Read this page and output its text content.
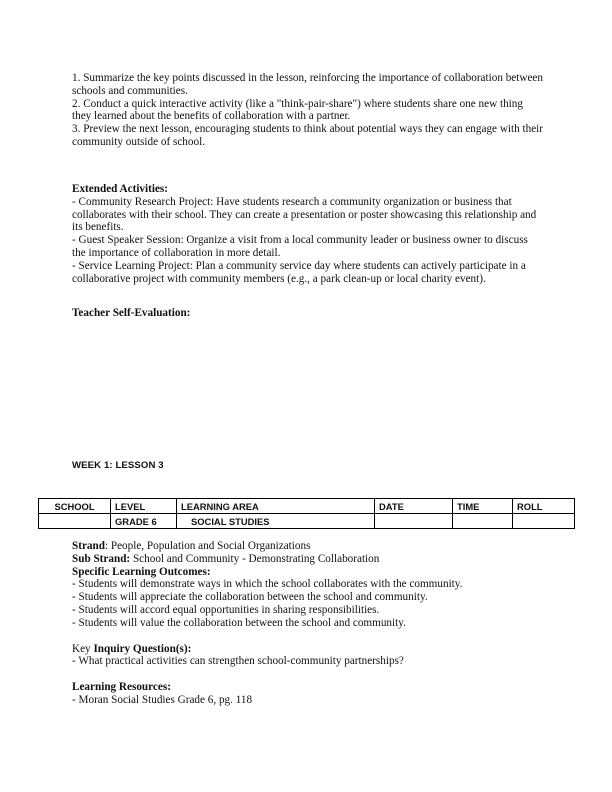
1. Summarize the key points discussed in the lesson, reinforcing the importance of collaboration between schools and communities.

2. Conduct a quick interactive activity (like a "think-pair-share") where students share one new thing they learned about the benefits of collaboration with a partner.

3. Preview the next lesson, encouraging students to think about potential ways they can engage with their community outside of school.

Extended Activities:

- Community Research Project: Have students research a community organization or business that collaborates with their school. They can create a presentation or poster showcasing this relationship and its benefits.

- Guest Speaker Session: Organize a visit from a local community leader or business owner to discuss the importance of collaboration in more detail.

- Service Learning Project: Plan a community service day where students can actively participate in a collaborative project with community members (e.g., a park clean-up or local charity event).

Teacher Self-Evaluation:

WEEK 1: LESSON 3
SCHOOL	LEVEL	LEARNING AREA	DATE	TIME	ROLL
	GRADE 6	SOCIAL STUDIES			

Strand: People, Population and Social Organizations

Sub Strand: School and Community - Demonstrating Collaboration

Specific Learning Outcomes:

- Students will demonstrate ways in which the school collaborates with the community.

- Students will appreciate the collaboration between the school and community.

- Students will accord equal opportunities in sharing responsibilities.

- Students will value the collaboration between the school and community.

Key Inquiry Question(s):

- What practical activities can strengthen school-community partnerships?

Learning Resources:

- Moran Social Studies Grade 6, pg. 118
